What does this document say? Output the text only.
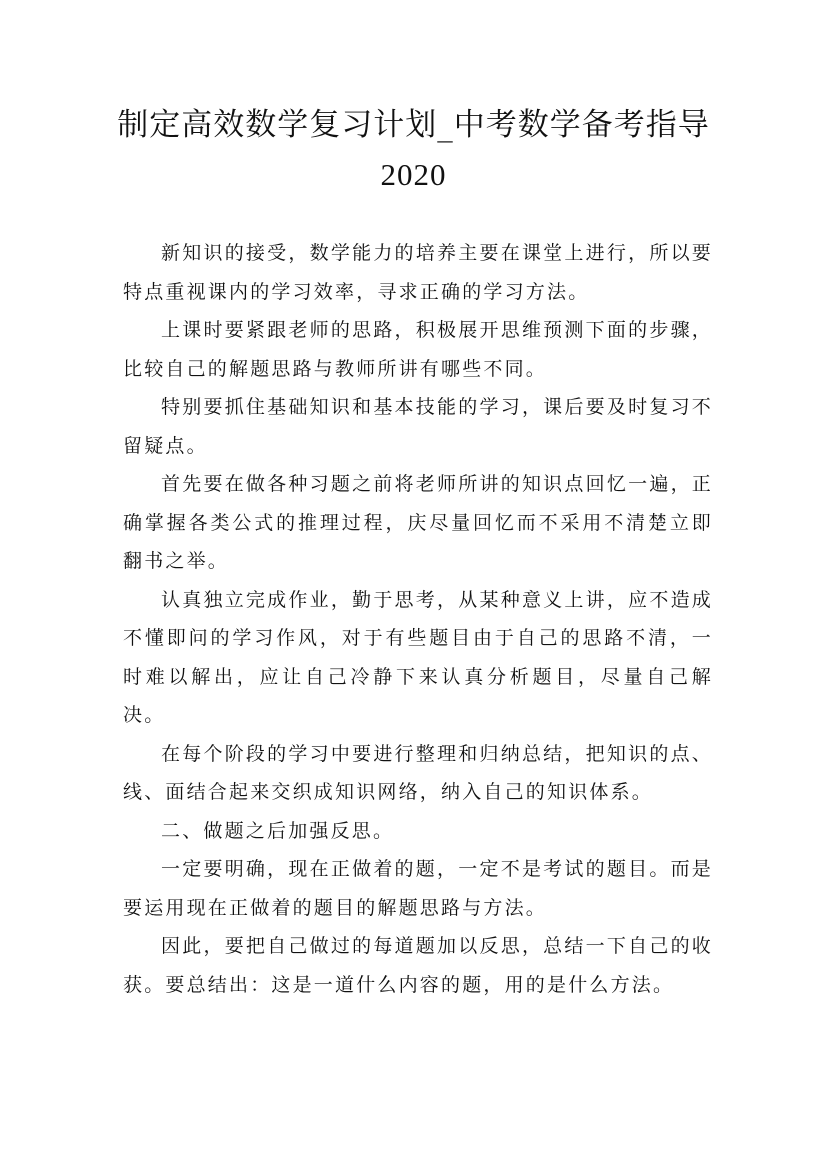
制定高效数学复习计划_中考数学备考指导
2020

新知识的接受，数学能力的培养主要在课堂上进行，所以要特点重视课内的学习效率，寻求正确的学习方法。

上课时要紧跟老师的思路，积极展开思维预测下面的步骤，比较自己的解题思路与教师所讲有哪些不同。

特别要抓住基础知识和基本技能的学习，课后要及时复习不留疑点。

首先要在做各种习题之前将老师所讲的知识点回忆一遍，正确掌握各类公式的推理过程，庆尽量回忆而不采用不清楚立即翻书之举。

认真独立完成作业，勤于思考，从某种意义上讲，应不造成不懂即问的学习作风，对于有些题目由于自己的思路不清，一时难以解出，应让自己冷静下来认真分析题目，尽量自己解决。

在每个阶段的学习中要进行整理和归纳总结，把知识的点、线、面结合起来交织成知识网络，纳入自己的知识体系。

二、做题之后加强反思。

一定要明确，现在正做着的题，一定不是考试的题目。而是要运用现在正做着的题目的解题思路与方法。

因此，要把自己做过的每道题加以反思，总结一下自己的收获。要总结出：这是一道什么内容的题，用的是什么方法。
